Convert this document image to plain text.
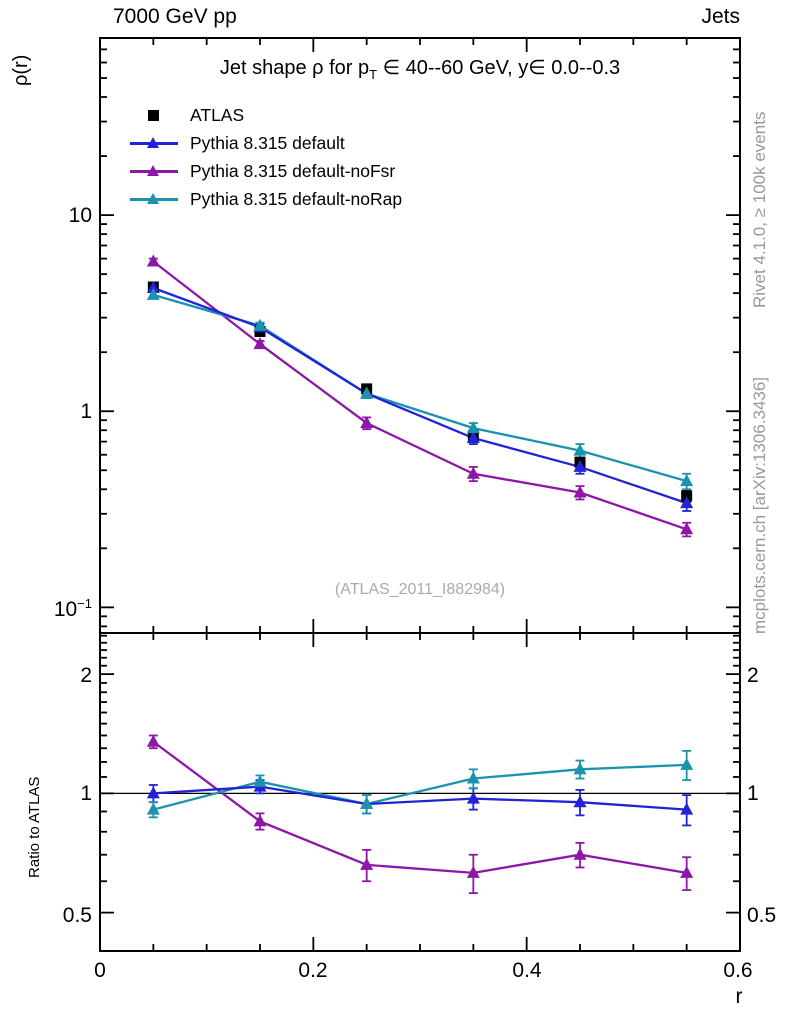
7000 GeV pp	Jets
Jet shape ρ for $p_T$ ∈ 40--60 GeV, y∈ 0.0--0.3
ATLAS
Pythia 8.315 default
Pythia 8.315 default-noFsr
Pythia 8.315 default-noRap
(ATLAS_2011_I882984)
Rivet 4.1.0, ≥ 100k events
mcplots.cern.ch [arXiv:1306.3436]
ρ(r)
Ratio to ATLAS
r
10
1
$10^{-1}$
2
1
0.5
2
1
0.5
0	0.2	0.4	0.6
